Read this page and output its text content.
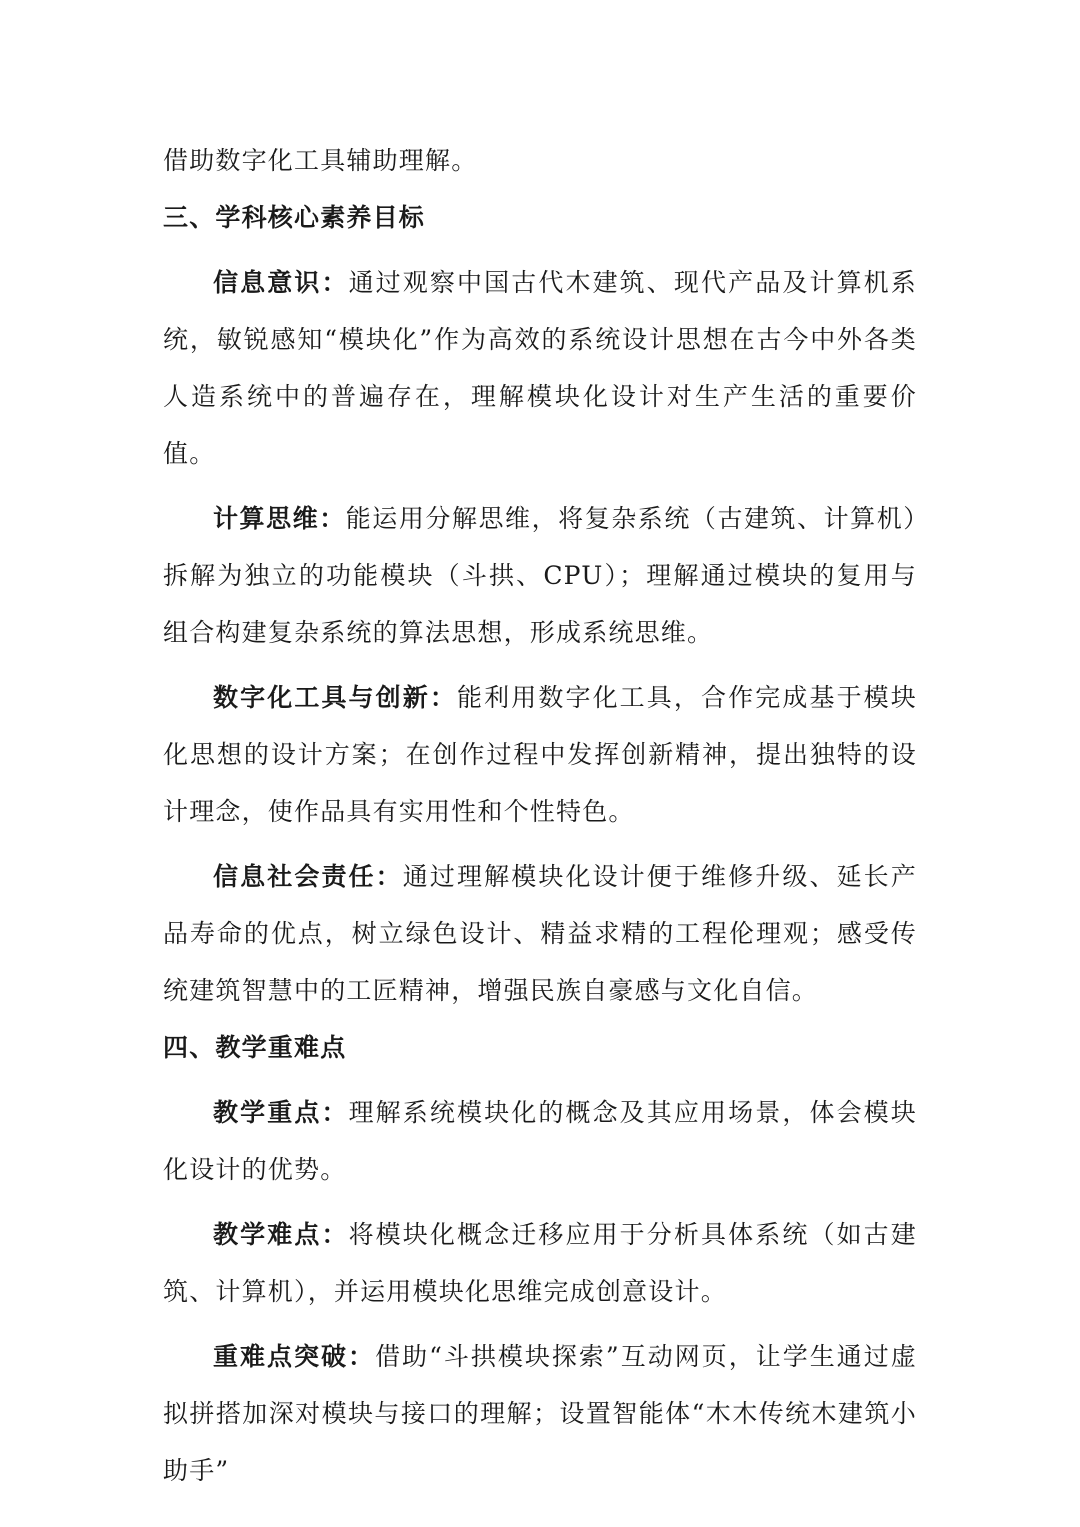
借助数字化工具辅助理解。

三、学科核心素养目标

信息意识：通过观察中国古代木建筑、现代产品及计算机系统，敏锐感知“模块化”作为高效的系统设计思想在古今中外各类人造系统中的普遍存在，理解模块化设计对生产生活的重要价值。

计算思维：能运用分解思维，将复杂系统（古建筑、计算机）拆解为独立的功能模块（斗拱、CPU）；理解通过模块的复用与组合构建复杂系统的算法思想，形成系统思维。

数字化工具与创新：能利用数字化工具，合作完成基于模块化思想的设计方案；在创作过程中发挥创新精神，提出独特的设计理念，使作品具有实用性和个性特色。

信息社会责任：通过理解模块化设计便于维修升级、延长产品寿命的优点，树立绿色设计、精益求精的工程伦理观；感受传统建筑智慧中的工匠精神，增强民族自豪感与文化自信。

四、教学重难点

教学重点：理解系统模块化的概念及其应用场景，体会模块化设计的优势。

教学难点：将模块化概念迁移应用于分析具体系统（如古建筑、计算机），并运用模块化思维完成创意设计。

重难点突破：借助“斗拱模块探索”互动网页，让学生通过虚拟拼搭加深对模块与接口的理解；设置智能体“木木传统木建筑小助手”
